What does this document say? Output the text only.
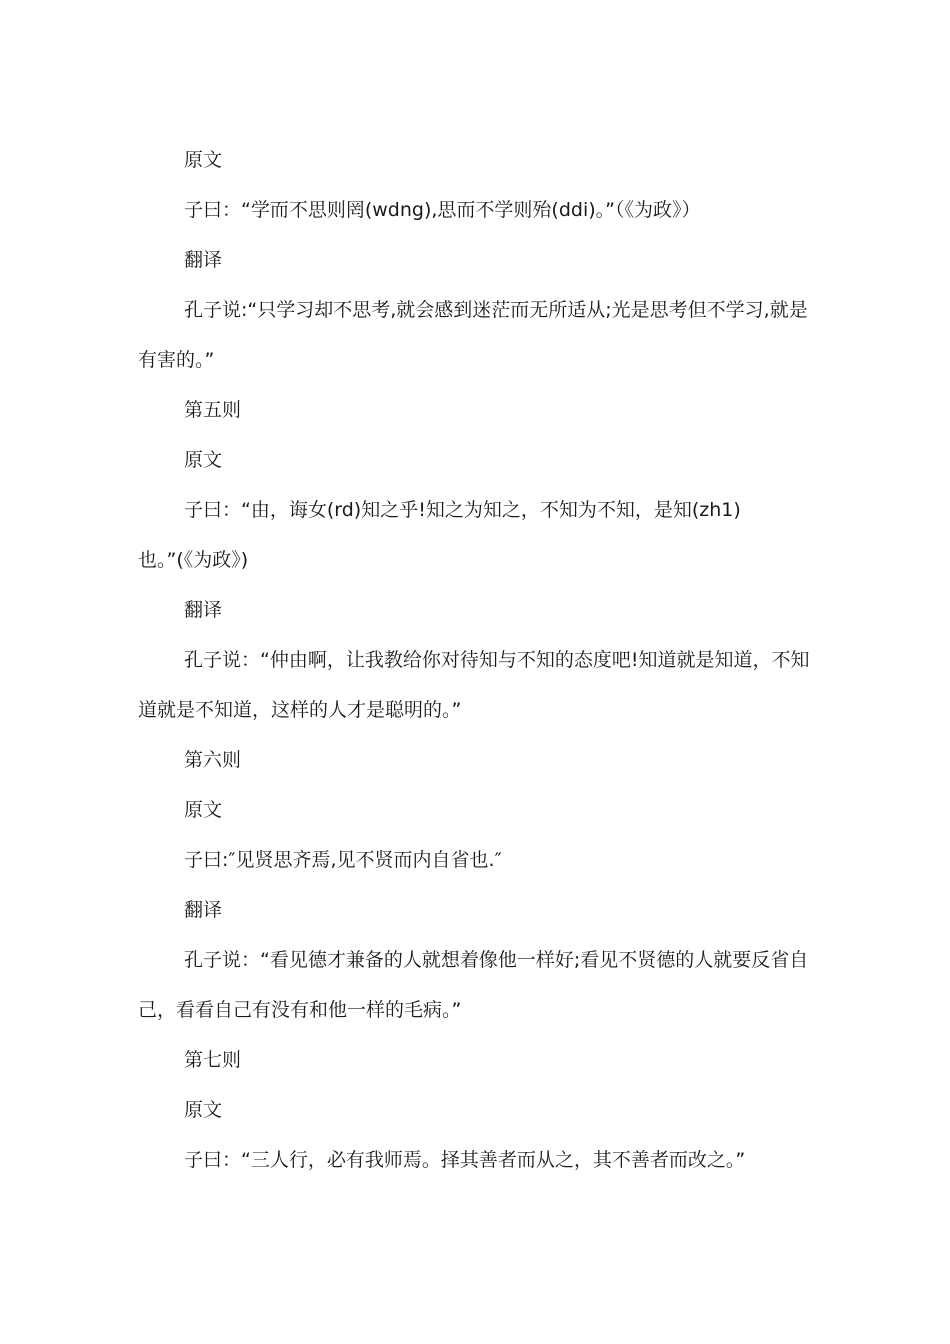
原文

子曰：“学而不思则罔(wdng),思而不学则殆(ddi)。”（《为政》）

翻译

孔子说:“只学习却不思考,就会感到迷茫而无所适从;光是思考但不学习,就是有害的。”

第五则

原文

子曰：“由，诲女(rd)知之乎!知之为知之，不知为不知，是知(zh1)也。”(《为政》)

翻译

孔子说：“仲由啊，让我教给你对待知与不知的态度吧!知道就是知道，不知道就是不知道，这样的人才是聪明的。”

第六则

原文

子曰:″见贤思齐焉,见不贤而内自省也.″

翻译

孔子说：“看见德才兼备的人就想着像他一样好;看见不贤德的人就要反省自己，看看自己有没有和他一样的毛病。”

第七则

原文

子曰：“三人行，必有我师焉。择其善者而从之，其不善者而改之。”
